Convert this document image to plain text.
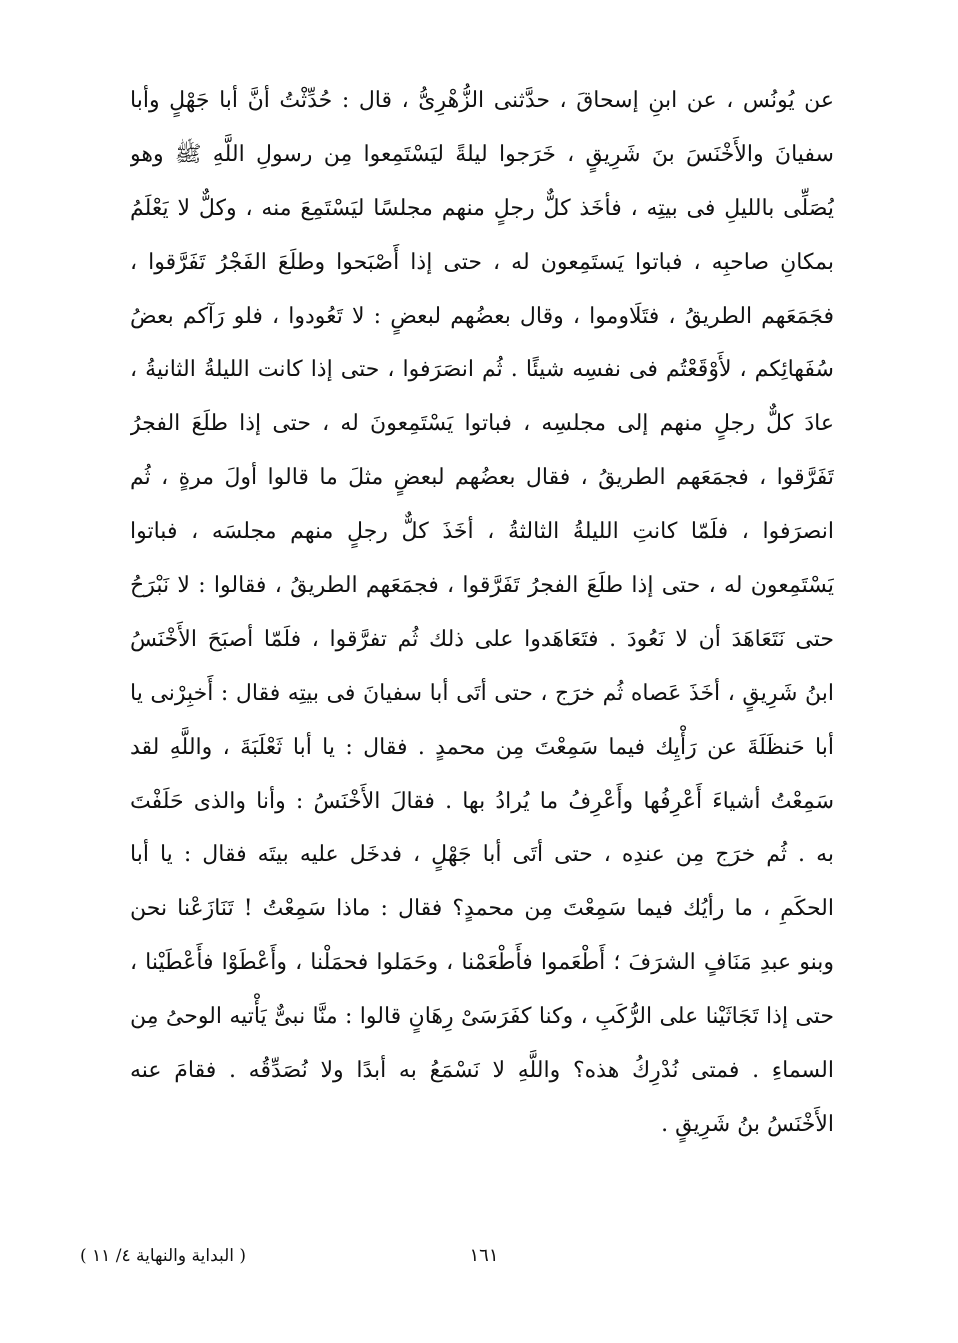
عن يُونُس ، عن ابنِ إسحاقَ ، حدَّثنى الزُّهْرِىُّ ، قال : حُدِّثْتُ أنَّ أبا جَهْلٍ وأبا
سفيانَ والأَخْنَسَ بنَ شَرِيقٍ ، خَرَجوا ليلةً ليَسْتَمِعوا مِن رسولِ اللَّهِ ﷺ وهو
يُصَلِّى بالليلِ فى بيتِه ، فأخَذ كلٌّ رجلٍ منهم مجلسًا ليَسْتَمِعَ منه ، وكلٌّ لا يَعْلَمُ
بمكانِ صاحبِه ، فباتوا يَستَمِعون له ، حتى إذا أَصْبَحوا وطلَعَ الفَجْرُ تَفَرَّقوا ،
فجَمَعَهم الطريقُ ، فتَلَاوموا ، وقال بعضُهم لبعضٍ : لا تَعُودوا ، فلو رَآكم بعضُ
سُفَهائِكم ، لأَوْقَعْتُم فى نفسِه شيئًا . ثُم انصَرَفوا ، حتى إذا كانت الليلةُ الثانيةُ ،
عادَ كلٌّ رجلٍ منهم إلى مجلسِه ، فباتوا يَسْتَمِعونَ له ، حتى إذا طلَعَ الفجرُ
تَفَرَّقوا ، فجمَعَهم الطريقُ ، فقال بعضُهم لبعضٍ مثلَ ما قالوا أولَ مرةٍ ، ثُم
انصرَفوا ، فلَمّا كانتِ الليلةُ الثالثةُ ، أخَذَ كلٌّ رجلٍ منهم مجلسَه ، فباتوا
يَسْتَمِعون له ، حتى إذا طلَعَ الفجرُ تَفَرَّقوا ، فجمَعَهم الطريقُ ، فقالوا : لا نَبْرَحُ
حتى نَتَعَاهَدَ أن لا نَعُودَ . فتَعَاهَدوا على ذلك ثُم تفرَّقوا ، فلَمّا أصبَحَ الأَخْنَسُ
ابنُ شَرِيقٍ ، أخَذَ عَصاه ثُم خرَج ، حتى أتَى أبا سفيانَ فى بيتِه فقال : أَخبِرْنى يا
أبا حَنظَلَةَ عن رَأْيِك فيما سَمِعْتَ مِن محمدٍ . فقال : يا أبا ثَعْلَبَةَ ، واللَّهِ لقد
سَمِعْتُ أشياءَ أَعْرِفُها وأَعْرِفُ ما يُرادُ بها . فقالَ الأَخْنَسُ : وأنا والذى حَلَفْتَ
به . ثُم خرَج مِن عندِه ، حتى أتَى أبا جَهْلٍ ، فدخَل عليه بيتَه فقال : يا أبا
الحكَمِ ، ما رأيُك فيما سَمِعْتَ مِن محمدٍ؟ فقال : ماذا سَمِعْتُ ! تَنَازَعْنا نحن
وبنو عبدِ مَنَافٍ الشرَفَ ؛ أَطْعَموا فأَطْعَمْنا ، وحَمَلوا فحمَلْنا ، وأَعْطَوْا فأَعْطَيْنا ،
حتى إذا تَجَاثَيْنا على الرُّكَبِ ، وكنا كفَرَسَىْ رِهَانٍ قالوا : منَّا نبىٌّ يَأْتيه الوحىُ مِن
السماءِ . فمتى نُدْرِكُ هذه؟ واللَّهِ لا نَسْمَعُ به أبدًا ولا نُصَدِّقُه . فقامَ عنه
الأَخْنَسُ بنُ شَرِيقٍ .
١٦١
( البداية والنهاية ٤/ ١١ )
